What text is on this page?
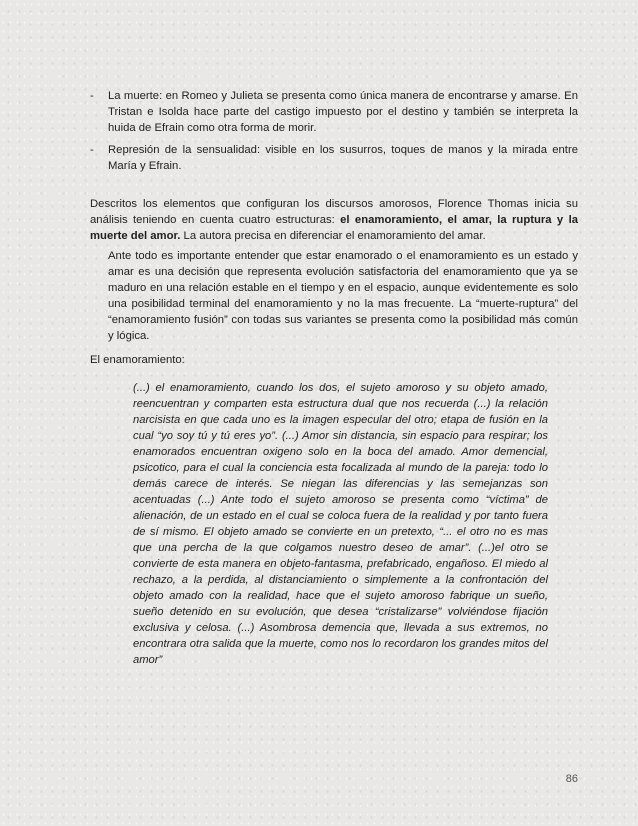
- La muerte: en Romeo y Julieta se presenta como única manera de encontrarse y amarse. En Tristan e Isolda hace parte del castigo impuesto por el destino y también se interpreta la huida de Efrain como otra forma de morir.
- Represión de la sensualidad: visible en los susurros, toques de manos y la mirada entre María y Efrain.
Descritos los elementos que configuran los discursos amorosos, Florence Thomas inicia su análisis teniendo en cuenta cuatro estructuras: el enamoramiento, el amar, la ruptura y la muerte del amor. La autora precisa en diferenciar el enamoramiento del amar.
Ante todo es importante entender que estar enamorado o el enamoramiento es un estado y amar es una decisión que representa evolución satisfactoria del enamoramiento que ya se maduro en una relación estable en el tiempo y en el espacio, aunque evidentemente es solo una posibilidad terminal del enamoramiento y no la mas frecuente. La “muerte-ruptura” del “enamoramiento fusión” con todas sus variantes se presenta como la posibilidad más común y lógica.
El enamoramiento:
(...) el enamoramiento, cuando los dos, el sujeto amoroso y su objeto amado, reencuentran y comparten esta estructura dual que nos recuerda (...) la relación narcisista en que cada uno es la imagen especular del otro; etapa de fusión en la cual “yo soy tú y tú eres yo”. (...) Amor sin distancia, sin espacio para respirar; los enamorados encuentran oxigeno solo en la boca del amado. Amor demencial, psicotico, para el cual la conciencia esta focalizada al mundo de la pareja: todo lo demás carece de interés. Se niegan las diferencias y las semejanzas son acentuadas (...) Ante todo el sujeto amoroso se presenta como “víctima” de alienación, de un estado en el cual se coloca fuera de la realidad y por tanto fuera de sí mismo. El objeto amado se convierte en un pretexto, “... el otro no es mas que una percha de la que colgamos nuestro deseo de amar”. (...)el otro se convierte de esta manera en objeto-fantasma, prefabricado, engañoso. El miedo al rechazo, a la perdida, al distanciamiento o simplemente a la confrontación del objeto amado con la realidad, hace que el sujeto amoroso fabrique un sueño, sueño detenido en su evolución, que desea “cristalizarse” volviéndose fijación exclusiva y celosa. (...) Asombrosa demencia que, llevada a sus extremos, no encontrara otra salida que la muerte, como nos lo recordaron los grandes mitos del amor”
86
